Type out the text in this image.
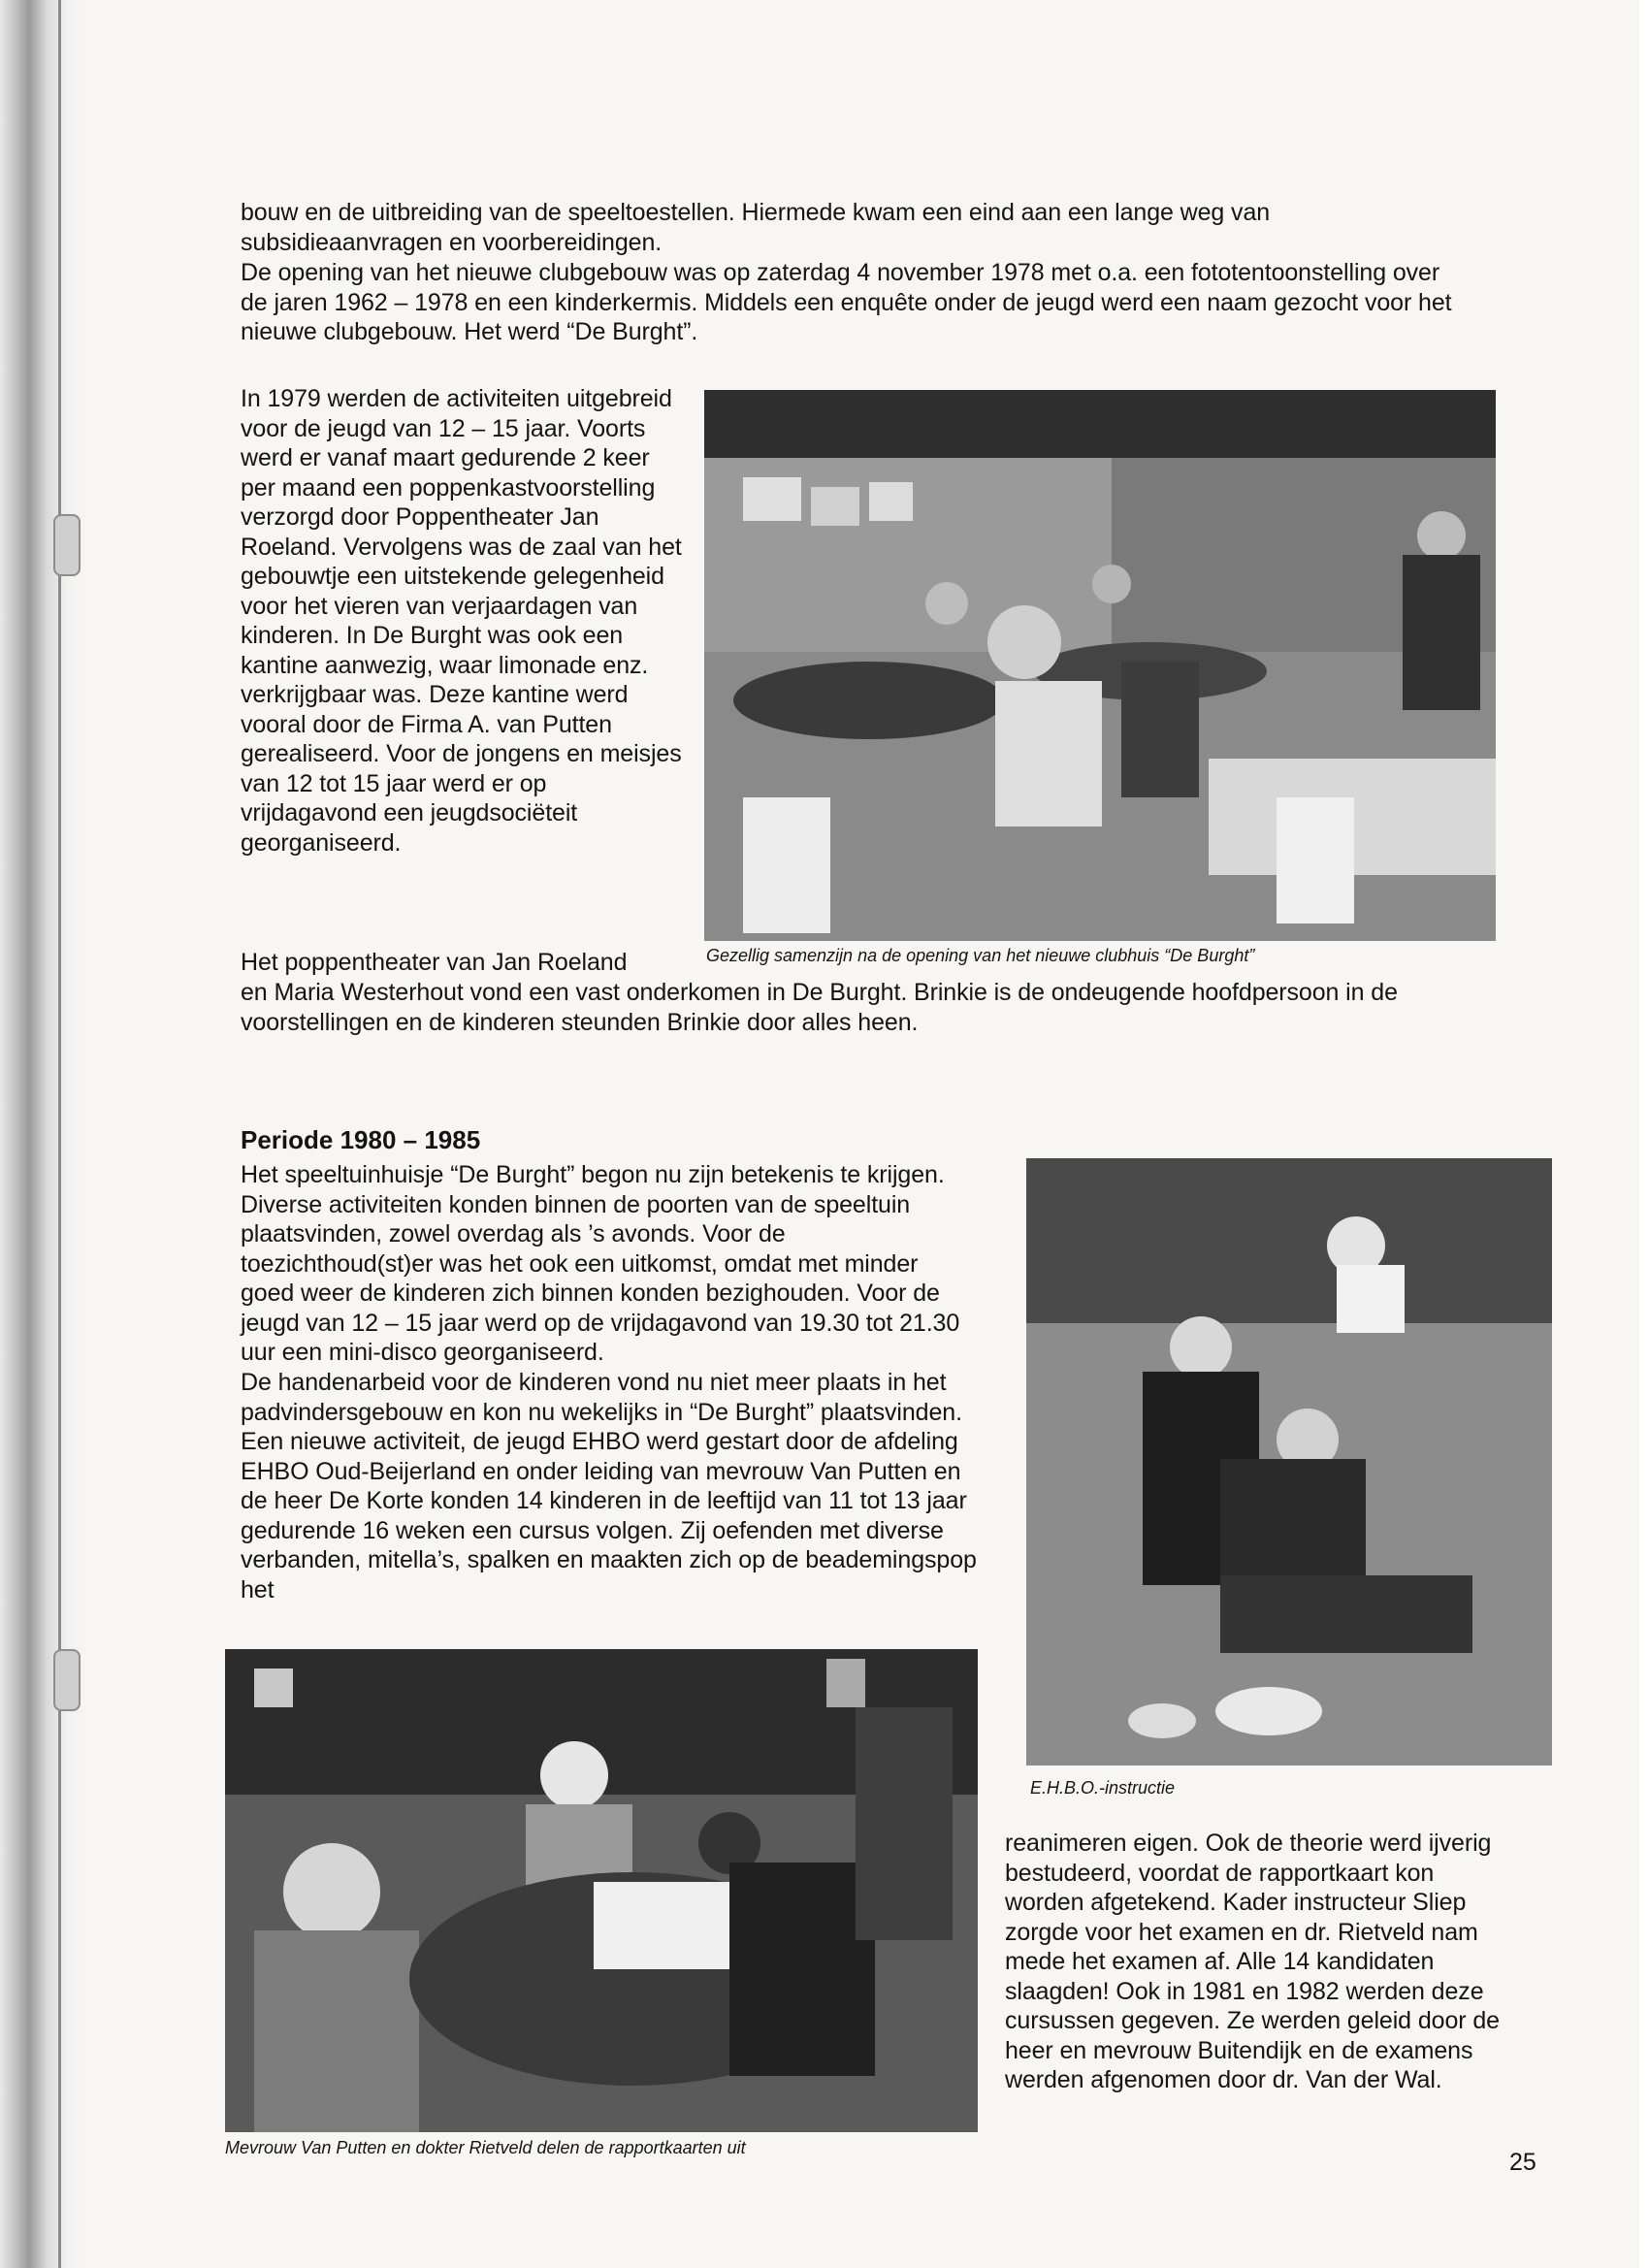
bouw en de uitbreiding van de speeltoestellen. Hiermede kwam een eind aan een lange weg van subsidieaanvragen en voorbereidingen.

De opening van het nieuwe clubgebouw was op zaterdag 4 november 1978 met o.a. een fototentoonstelling over de jaren 1962 – 1978 en een kinderkermis. Middels een enquête onder de jeugd werd een naam gezocht voor het nieuwe clubgebouw. Het werd “De Burght”.

In 1979 werden de activiteiten uitgebreid voor de jeugd van 12 – 15 jaar. Voorts werd er vanaf maart gedurende 2 keer per maand een poppenkastvoorstelling verzorgd door Poppentheater Jan Roeland. Vervolgens was de zaal van het gebouwtje een uitstekende gelegenheid voor het vieren van verjaardagen van kinderen. In De Burght was ook een kantine aanwezig, waar limonade enz. verkrijgbaar was. Deze kantine werd vooral door de Firma A. van Putten gerealiseerd. Voor de jongens en meisjes van 12 tot 15 jaar werd er op vrijdagavond een jeugdsociëteit georganiseerd.

Het poppentheater van Jan Roeland

en Maria Westerhout vond een vast onderkomen in De Burght. Brinkie is de ondeugende hoofdpersoon in de voorstellingen en de kinderen steunden Brinkie door alles heen.

Gezellig samenzijn na de opening van het nieuwe clubhuis “De Burght”

Periode 1980 – 1985

Het speeltuinhuisje “De Burght” begon nu zijn betekenis te krijgen. Diverse activiteiten konden binnen de poorten van de speeltuin plaatsvinden, zowel overdag als ’s avonds. Voor de toezichthoud(st)er was het ook een uitkomst, omdat met minder goed weer de kinderen zich binnen konden bezighouden. Voor de jeugd van 12 – 15 jaar werd op de vrijdagavond van 19.30 tot 21.30 uur een mini-disco georganiseerd.

De handenarbeid voor de kinderen vond nu niet meer plaats in het padvindersgebouw en kon nu wekelijks in “De Burght” plaatsvinden. Een nieuwe activiteit, de jeugd EHBO werd gestart door de afdeling EHBO Oud-Beijerland en onder leiding van mevrouw Van Putten en de heer De Korte konden 14 kinderen in de leeftijd van 11 tot 13 jaar gedurende 16 weken een cursus volgen. Zij oefenden met diverse verbanden, mitella’s, spalken en maakten zich op de beademingspop het

E.H.B.O.-instructie

Mevrouw Van Putten en dokter Rietveld delen de rapportkaarten uit

reanimeren eigen. Ook de theorie werd ijverig bestudeerd, voordat de rapportkaart kon worden afgetekend. Kader instructeur Sliep zorgde voor het examen en dr. Rietveld nam mede het examen af. Alle 14 kandidaten slaagden! Ook in 1981 en 1982 werden deze cursussen gegeven. Ze werden geleid door de heer en mevrouw Buitendijk en de examens werden afgenomen door dr. Van der Wal.

25
